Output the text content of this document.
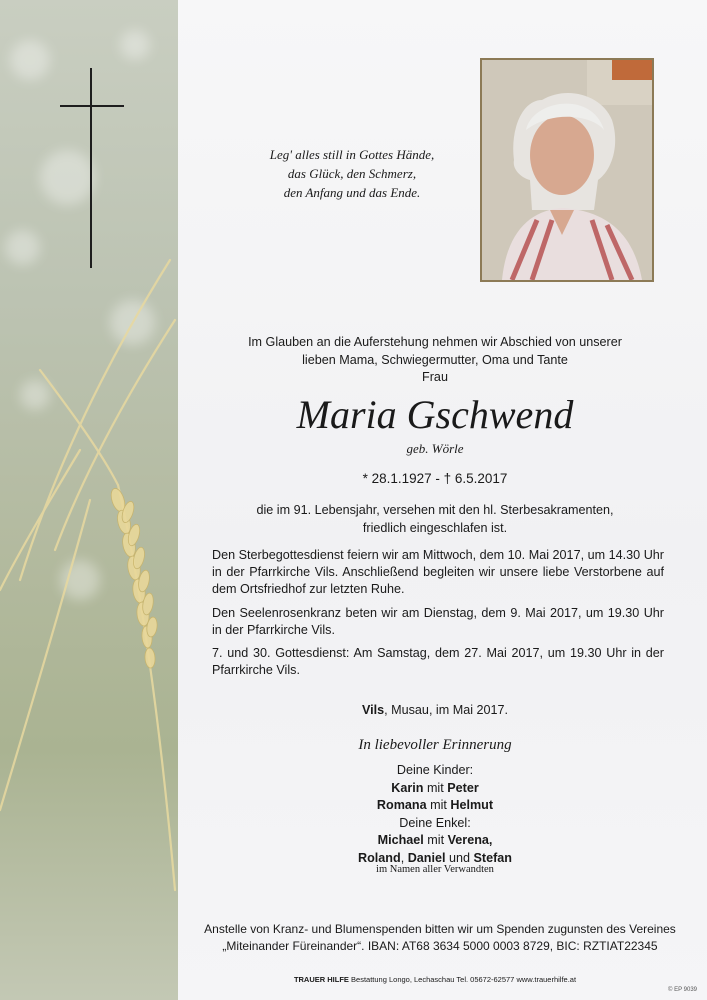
Leg' alles still in Gottes Hände,
das Glück, den Schmerz,
den Anfang und das Ende.
Im Glauben an die Auferstehung nehmen wir Abschied von unserer
lieben Mama, Schwiegermutter, Oma und Tante
Frau
Maria Gschwend
geb. Wörle
* 28.1.1927 - † 6.5.2017
die im 91. Lebensjahr, versehen mit den hl. Sterbesakramenten,
friedlich eingeschlafen ist.
Den Sterbegottesdienst feiern wir am Mittwoch, dem 10. Mai 2017, um 14.30 Uhr in der Pfarrkirche Vils. Anschließend begleiten wir unsere liebe Verstorbene auf dem Ortsfriedhof zur letzten Ruhe.
Den Seelenrosenkranz beten wir am Dienstag, dem 9. Mai 2017, um 19.30 Uhr in der Pfarrkirche Vils.
7. und 30. Gottesdienst: Am Samstag, dem 27. Mai 2017, um 19.30 Uhr in der Pfarrkirche Vils.
Vils, Musau, im Mai 2017.
In liebevoller Erinnerung
Deine Kinder:
Karin mit Peter
Romana mit Helmut
Deine Enkel:
Michael mit Verena,
Roland, Daniel und Stefan
im Namen aller Verwandten
Anstelle von Kranz- und Blumenspenden bitten wir um Spenden zugunsten des Vereines
„Miteinander Füreinander“. IBAN: AT68 3634 5000 0003 8729, BIC: RZTIAT22345
TRAUER HILFE Bestattung Longo, Lechaschau Tel. 05672-62577 www.trauerhilfe.at
© EP 9039
